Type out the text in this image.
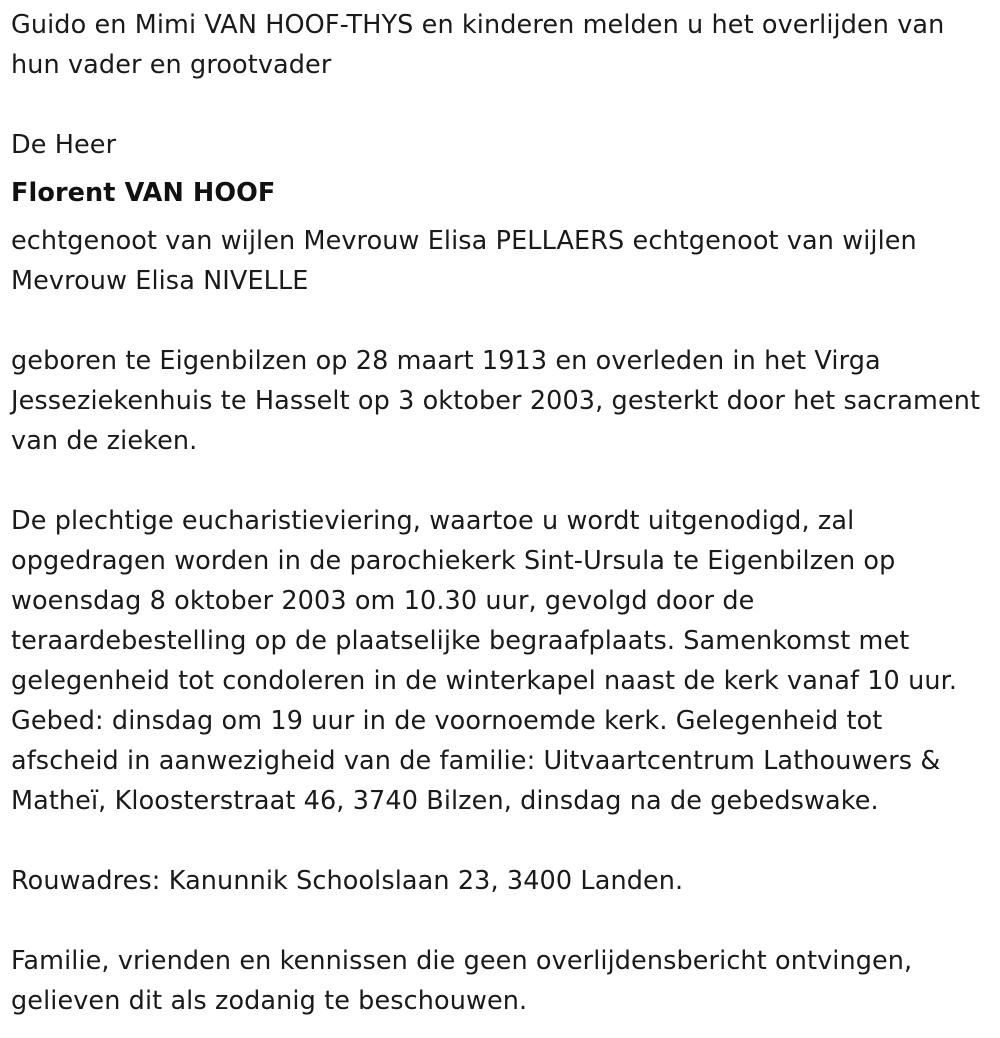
Guido en Mimi VAN HOOF-THYS en kinderen melden u het overlijden van hun vader en grootvader

De Heer

Florent VAN HOOF

echtgenoot van wijlen Mevrouw Elisa PELLAERS echtgenoot van wijlen Mevrouw Elisa NIVELLE

geboren te Eigenbilzen op 28 maart 1913 en overleden in het Virga Jesseziekenhuis te Hasselt op 3 oktober 2003, gesterkt door het sacrament van de zieken.

De plechtige eucharistieviering, waartoe u wordt uitgenodigd, zal opgedragen worden in de parochiekerk Sint-Ursula te Eigenbilzen op woensdag 8 oktober 2003 om 10.30 uur, gevolgd door de teraardebestelling op de plaatselijke begraafplaats. Samenkomst met gelegenheid tot condoleren in de winterkapel naast de kerk vanaf 10 uur. Gebed: dinsdag om 19 uur in de voornoemde kerk. Gelegenheid tot afscheid in aanwezigheid van de familie: Uitvaartcentrum Lathouwers & Matheï, Kloosterstraat 46, 3740 Bilzen, dinsdag na de gebedswake.

Rouwadres: Kanunnik Schoolslaan 23, 3400 Landen.

Familie, vrienden en kennissen die geen overlijdensbericht ontvingen, gelieven dit als zodanig te beschouwen.
